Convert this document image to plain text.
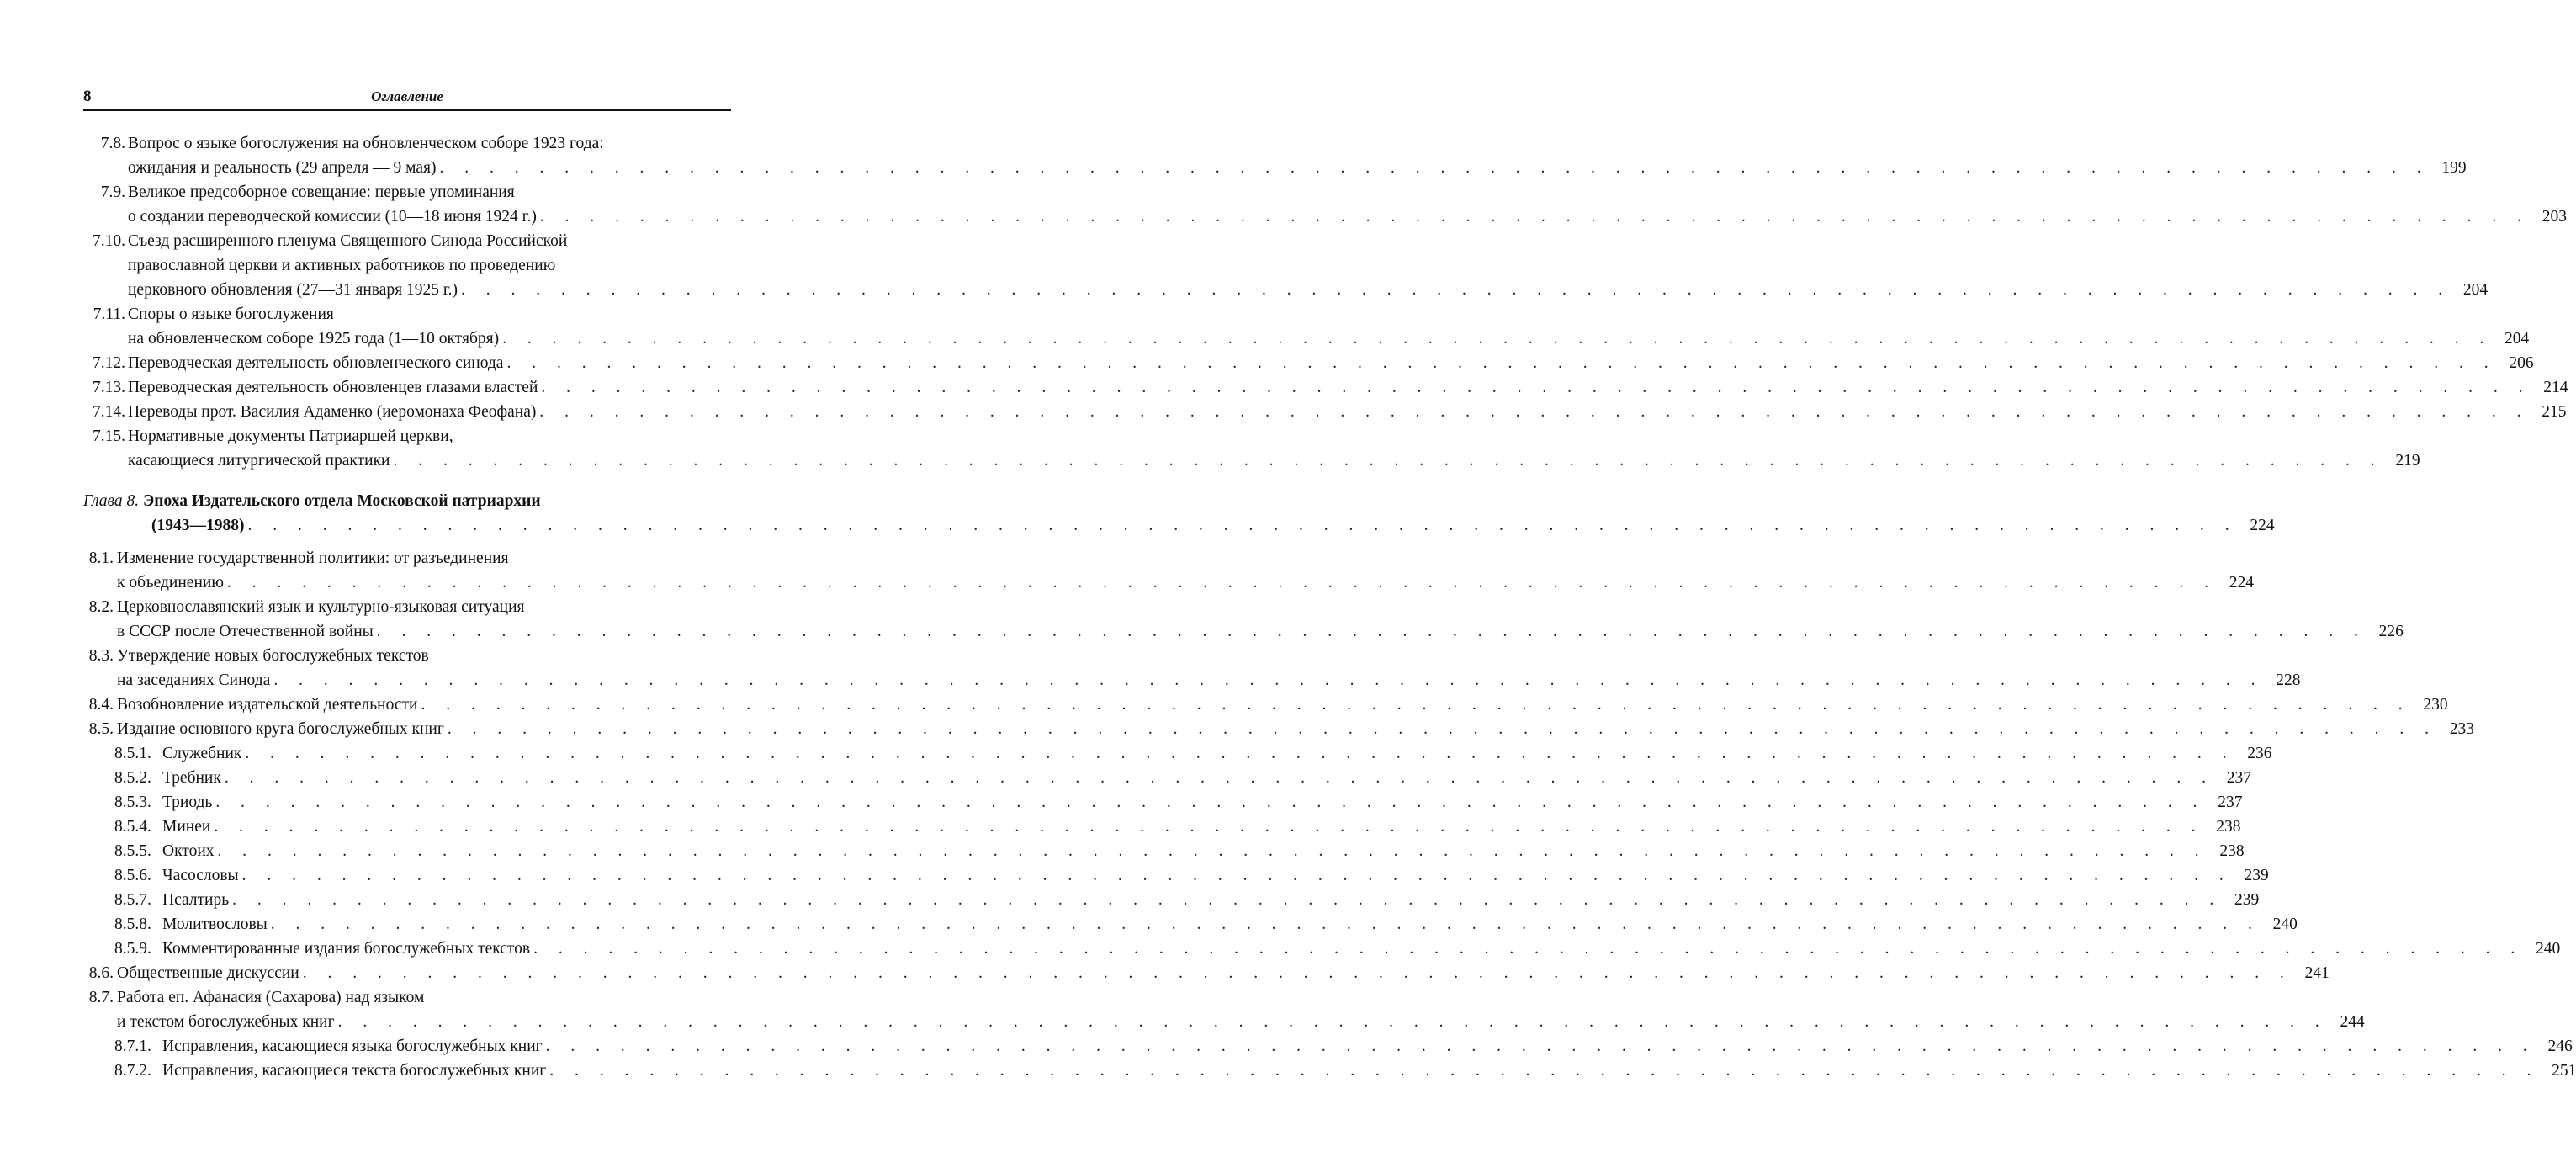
8	Оглавление
7.8. Вопрос о языке богослужения на обновленческом соборе 1923 года:
ожидания и реальность (29 апреля — 9 мая) . . . . . . . . . . . . . . . . . . . . . . . . . . . . . . . . . . . . . . . . . . . . . . . . . . . . . . . . . . . . . . . . . . . . . . . . . . . . . . . . 199
7.9. Великое предсоборное совещание: первые упоминания
о создании переводческой комиссии (10—18 июня 1924 г.) . . . . . . . . . . . . . . . . . . . . . . . . . . . . . . . . . . . . . . . . . . . . . . . . . . . . . . . . . . . . . . . . . . . . . . . . . . . . . . . . 203
7.10. Съезд расширенного пленума Священного Синода Российской
православной церкви и активных работников по проведению
церковного обновления (27—31 января 1925 г.) . . . . . . . . . . . . . . . . . . . . . . . . . . . . . . . . . . . . . . . . . . . . . . . . . . . . . . . . . . . . . . . . . . . . . . . . . . . . . . . . 204
7.11. Споры о языке богослужения
на обновленческом соборе 1925 года (1—10 октября) . . . . . . . . . . . . . . . . . . . . . . . . . . . . . . . . . . . . . . . . . . . . . . . . . . . . . . . . . . . . . . . . . . . . . . . . . . . . . . . . 204
7.12. Переводческая деятельность обновленческого синода . . . . . . . . . . . . . . . . . . . . . . . . . . . . . . . . . . . . . . . . . . . . . . . . . . . . . . . . . . . . . . . . . . . . . . . . . . . . . . . . 206
7.13. Переводческая деятельность обновленцев глазами властей . . . . . . . . . . . . . . . . . . . . . . . . . . . . . . . . . . . . . . . . . . . . . . . . . . . . . . . . . . . . . . . . . . . . . . . . . . . . . . . . 214
7.14. Переводы прот. Василия Адаменко (иеромонаха Феофана) . . . . . . . . . . . . . . . . . . . . . . . . . . . . . . . . . . . . . . . . . . . . . . . . . . . . . . . . . . . . . . . . . . . . . . . . . . . . . . . . 215
7.15. Нормативные документы Патриаршей церкви,
касающиеся литургической практики . . . . . . . . . . . . . . . . . . . . . . . . . . . . . . . . . . . . . . . . . . . . . . . . . . . . . . . . . . . . . . . . . . . . . . . . . . . . . . . . 219
Глава 8. Эпоха Издательского отдела Московской патриархии
(1943—1988) . . . . . . . . . . . . . . . . . . . . . . . . . . . . . . . . . . . . . . . . . . . . . . . . . . . . . . . . . . . . . . . . . . . . . . . . . . . . . . . . 224
8.1. Изменение государственной политики: от разъединения
к объединению . . . . . . . . . . . . . . . . . . . . . . . . . . . . . . . . . . . . . . . . . . . . . . . . . . . . . . . . . . . . . . . . . . . . . . . . . . . . . . . . 224
8.2. Церковнославянский язык и культурно-языковая ситуация
в СССР после Отечественной войны . . . . . . . . . . . . . . . . . . . . . . . . . . . . . . . . . . . . . . . . . . . . . . . . . . . . . . . . . . . . . . . . . . . . . . . . . . . . . . . . 226
8.3. Утверждение новых богослужебных текстов
на заседаниях Синода . . . . . . . . . . . . . . . . . . . . . . . . . . . . . . . . . . . . . . . . . . . . . . . . . . . . . . . . . . . . . . . . . . . . . . . . . . . . . . . . 228
8.4. Возобновление издательской деятельности . . . . . . . . . . . . . . . . . . . . . . . . . . . . . . . . . . . . . . . . . . . . . . . . . . . . . . . . . . . . . . . . . . . . . . . . . . . . . . . . 230
8.5. Издание основного круга богослужебных книг . . . . . . . . . . . . . . . . . . . . . . . . . . . . . . . . . . . . . . . . . . . . . . . . . . . . . . . . . . . . . . . . . . . . . . . . . . . . . . . . 233
8.5.1. Служебник . . . . . . . . . . . . . . . . . . . . . . . . . . . . . . . . . . . . . . . . . . . . . . . . . . . . . . . . . . . . . . . . . . . . . . . . . . . . . . . . 236
8.5.2. Требник . . . . . . . . . . . . . . . . . . . . . . . . . . . . . . . . . . . . . . . . . . . . . . . . . . . . . . . . . . . . . . . . . . . . . . . . . . . . . . . . 237
8.5.3. Триодь . . . . . . . . . . . . . . . . . . . . . . . . . . . . . . . . . . . . . . . . . . . . . . . . . . . . . . . . . . . . . . . . . . . . . . . . . . . . . . . . 237
8.5.4. Минеи . . . . . . . . . . . . . . . . . . . . . . . . . . . . . . . . . . . . . . . . . . . . . . . . . . . . . . . . . . . . . . . . . . . . . . . . . . . . . . . . 238
8.5.5. Октоих . . . . . . . . . . . . . . . . . . . . . . . . . . . . . . . . . . . . . . . . . . . . . . . . . . . . . . . . . . . . . . . . . . . . . . . . . . . . . . . . 238
8.5.6. Часословы . . . . . . . . . . . . . . . . . . . . . . . . . . . . . . . . . . . . . . . . . . . . . . . . . . . . . . . . . . . . . . . . . . . . . . . . . . . . . . . . 239
8.5.7. Псалтирь . . . . . . . . . . . . . . . . . . . . . . . . . . . . . . . . . . . . . . . . . . . . . . . . . . . . . . . . . . . . . . . . . . . . . . . . . . . . . . . . 239
8.5.8. Молитвословы . . . . . . . . . . . . . . . . . . . . . . . . . . . . . . . . . . . . . . . . . . . . . . . . . . . . . . . . . . . . . . . . . . . . . . . . . . . . . . . . 240
8.5.9. Комментированные издания богослужебных текстов . . . . . . . . . . . . . . . . . . . . . . . . . . . . . . . . . . . . . . . . . . . . . . . . . . . . . . . . . . . . . . . . . . . . . . . . . . . . . . . . 240
8.6. Общественные дискуссии . . . . . . . . . . . . . . . . . . . . . . . . . . . . . . . . . . . . . . . . . . . . . . . . . . . . . . . . . . . . . . . . . . . . . . . . . . . . . . . . 241
8.7. Работа еп. Афанасия (Сахарова) над языком
и текстом богослужебных книг . . . . . . . . . . . . . . . . . . . . . . . . . . . . . . . . . . . . . . . . . . . . . . . . . . . . . . . . . . . . . . . . . . . . . . . . . . . . . . . . 244
8.7.1. Исправления, касающиеся языка богослужебных книг . . . . . . . . . . . . . . . . . . . . . . . . . . . . . . . . . . . . . . . . . . . . . . . . . . . . . . . . . . . . . . . . . . . . . . . . . . . . . . . . 246
8.7.2. Исправления, касающиеся текста богослужебных книг . . . . . . . . . . . . . . . . . . . . . . . . . . . . . . . . . . . . . . . . . . . . . . . . . . . . . . . . . . . . . . . . . . . . . . . . . . . . . . . . 251
